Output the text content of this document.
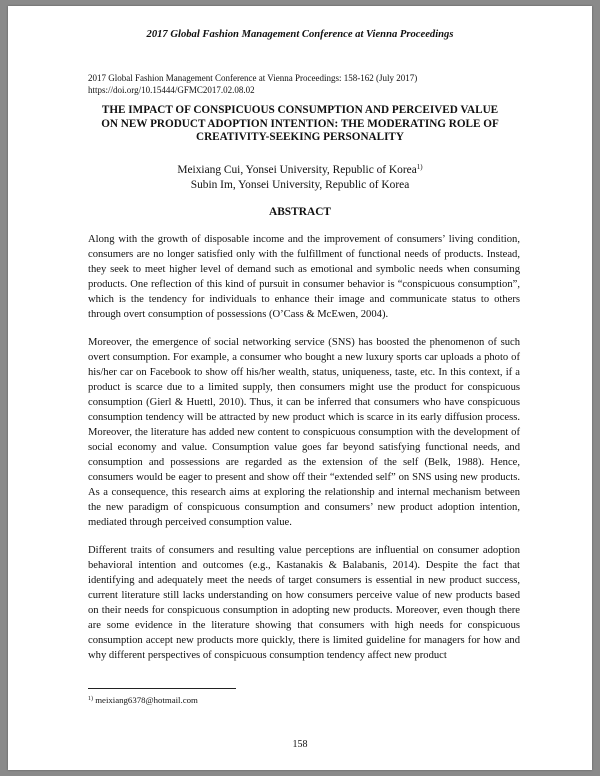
2017 Global Fashion Management Conference at Vienna Proceedings
2017 Global Fashion Management Conference at Vienna Proceedings: 158-162 (July 2017)
https://doi.org/10.15444/GFMC2017.02.08.02
THE IMPACT OF CONSPICUOUS CONSUMPTION AND PERCEIVED VALUE
ON NEW PRODUCT ADOPTION INTENTION: THE MODERATING ROLE OF
CREATIVITY-SEEKING PERSONALITY
Meixiang Cui, Yonsei University, Republic of Korea$^{1)}$
Subin Im, Yonsei University, Republic of Korea
ABSTRACT

Along with the growth of disposable income and the improvement of consumers’ living condition, consumers are no longer satisfied only with the fulfillment of functional needs of products. Instead, they seek to meet higher level of demand such as emotional and symbolic needs when consuming products. One reflection of this kind of pursuit in consumer behavior is “conspicuous consumption”, which is the tendency for individuals to enhance their image and communicate status to others through overt consumption of possessions (O’Cass & McEwen, 2004).

Moreover, the emergence of social networking service (SNS) has boosted the phenomenon of such overt consumption. For example, a consumer who bought a new luxury sports car uploads a photo of his/her car on Facebook to show off his/her wealth, status, uniqueness, taste, etc. In this context, if a product is scarce due to a limited supply, then consumers might use the product for conspicuous consumption (Gierl & Huettl, 2010). Thus, it can be inferred that consumers who have conspicuous consumption tendency will be attracted by new product which is scarce in its early diffusion process. Moreover, the literature has added new content to conspicuous consumption with the development of social economy and value. Consumption value goes far beyond satisfying functional needs, and consumption and possessions are regarded as the extension of the self (Belk, 1988). Hence, consumers would be eager to present and show off their “extended self” on SNS using new products. As a consequence, this research aims at exploring the relationship and internal mechanism between the new paradigm of conspicuous consumption and consumers’ new product adoption intention, mediated through perceived consumption value.

Different traits of consumers and resulting value perceptions are influential on consumer adoption behavioral intention and outcomes (e.g., Kastanakis & Balabanis, 2014). Despite the fact that identifying and adequately meet the needs of target consumers is essential in new product success, current literature still lacks understanding on how consumers perceive value of new products based on their needs for conspicuous consumption in adopting new products. Moreover, even though there are some evidence in the literature showing that consumers with high needs for conspicuous consumption accept new products more quickly, there is limited guideline for managers for how and why different perspectives of conspicuous consumption tendency affect new product

$^{1)}$ meixiang6378@hotmail.com
158
